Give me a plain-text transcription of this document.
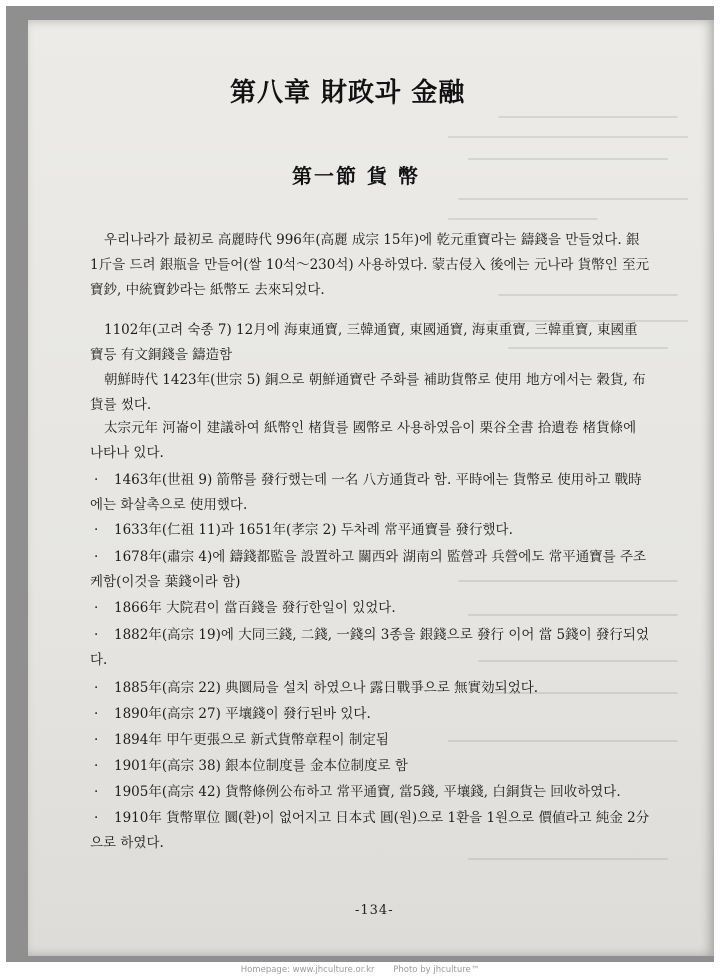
第八章 財政과 金融
第一節 貨 幣
우리나라가 最初로 高麗時代 996年(高麗 成宗 15年)에 乾元重寶라는 鑄錢을 만들었다. 銀 1斤을 드려 銀瓶을 만들어(쌀 10석～230석) 사용하였다. 蒙古侵入 後에는 元나라 貨幣인 至元寶鈔, 中統寶鈔라는 紙幣도 去來되었다.
1102年(고려 숙종 7) 12月에 海東通寶, 三韓通寶, 東國通寶, 海東重寶, 三韓重寶, 東國重寶등 有文銅錢을 鑄造함
朝鮮時代 1423年(世宗 5) 銅으로 朝鮮通寶란 주화를 補助貨幣로 使用 地方에서는 穀貨, 布貨를 썼다.
太宗元年 河崙이 建議하여 紙幣인 楮貨를 國幣로 사용하였음이 栗谷全書 拾遺卷 楮貨條에 나타나 있다.
· 1463年(世祖 9) 箭幣를 發行했는데 一名 八方通貨라 함. 平時에는 貨幣로 使用하고 戰時에는 화살촉으로 使用했다.
· 1633年(仁祖 11)과 1651年(孝宗 2) 두차례 常平通寶를 發行했다.
· 1678年(肅宗 4)에 鑄錢都監을 設置하고 關西와 湖南의 監營과 兵營에도 常平通寶를 주조케함(이것을 葉錢이라 함)
· 1866年 大院君이 當百錢을 發行한일이 있었다.
· 1882年(高宗 19)에 大同三錢, 二錢, 一錢의 3종을 銀錢으로 發行 이어 當 5錢이 發行되었다.
· 1885年(高宗 22) 典圜局을 설치 하였으나 露日戰爭으로 無實効되었다.
· 1890年(高宗 27) 平壤錢이 發行된바 있다.
· 1894年 甲午更張으로 新式貨幣章程이 制定됨
· 1901年(高宗 38) 銀本位制度를 金本位制度로 함
· 1905年(高宗 42) 貨幣條例公布하고 常平通寶, 當5錢, 平壤錢, 白銅貨는 回收하였다.
· 1910年 貨幣單位 圜(환)이 없어지고 日本式 圓(원)으로 1환을 1원으로 價値라고 純金 2分으로 하였다.
-134-
Homepage: www.jhculture.or.kr Photo by jhculture™
